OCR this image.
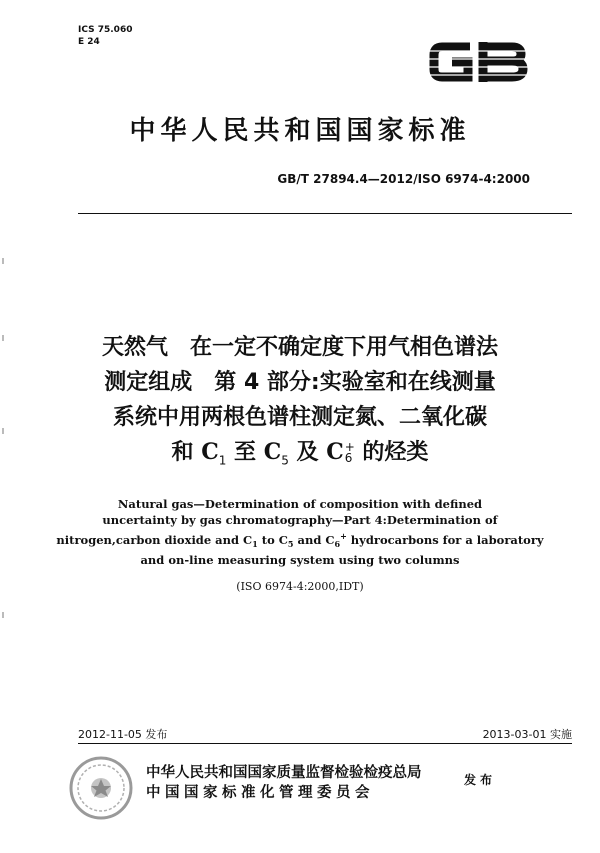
ICS 75.060
E 24
中华人民共和国国家标准
GB/T 27894.4—2012/ISO 6974-4:2000
天然气　在一定不确定度下用气相色谱法
测定组成　第 4 部分:实验室和在线测量
系统中用两根色谱柱测定氮、二氧化碳
和 $C_1$ 至 $C_5$ 及 C +
6 的烃类
Natural gas—Determination of composition with defined
uncertainty by gas chromatography—Part 4:Determination of
nitrogen,carbon dioxide and $C_1$ to $C_5$ and $C_6^+$ hydrocarbons for a laboratory
and on-line measuring system using two columns
(ISO 6974-4:2000,IDT)
2012-11-05 发布	2013-03-01 实施
中华人民共和国国家质量监督检验检疫总局
中国国家标准化管理委员会
发布
